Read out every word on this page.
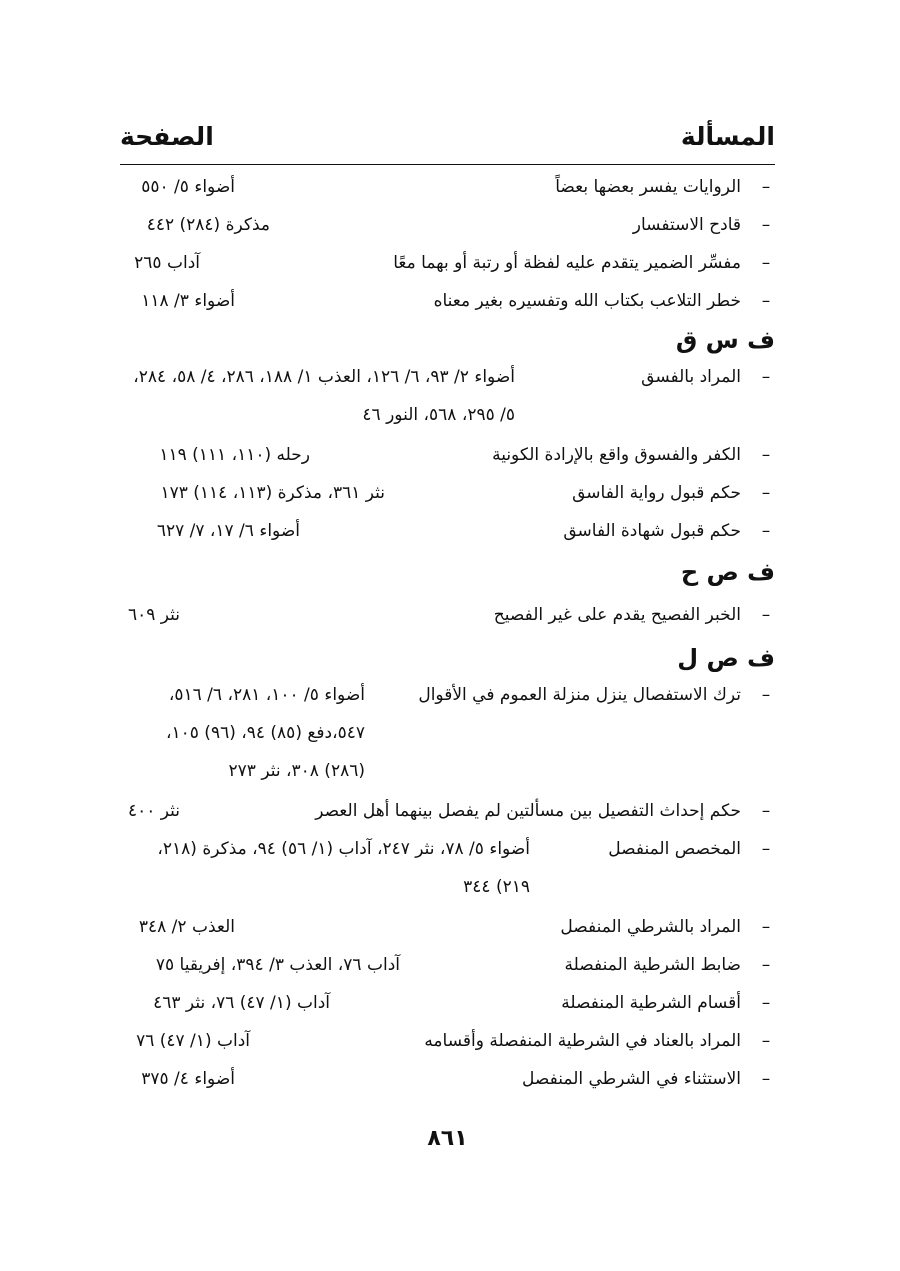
المسألة
الصفحة
–
الروايات يفسر بعضها بعضاً
أضواء ٥/ ٥٥٠
–
قادح الاستفسار
مذكرة (٢٨٤) ٤٤٢
–
مفسِّر الضمير يتقدم عليه لفظة أو رتبة أو بهما معًا
آداب ٢٦٥
–
خطر التلاعب بكتاب الله وتفسيره بغير معناه
أضواء ٣/ ١١٨
ف س ق
–
المراد بالفسق
أضواء ٢/ ٩٣، ٦/ ١٢٦، العذب ١/ ١٨٨، ٢٨٦، ٤/ ٥٨، ٢٨٤،
٥/ ٢٩٥، ٥٦٨، النور ٤٦
–
الكفر والفسوق واقع بالإرادة الكونية
رحله (١١٠، ١١١) ١١٩
–
حكم قبول رواية الفاسق
نثر ٣٦١، مذكرة (١١٣، ١١٤) ١٧٣
–
حكم قبول شهادة الفاسق
أضواء ٦/ ١٧، ٧/ ٦٢٧
ف ص ح
–
الخبر الفصيح يقدم على غير الفصيح
نثر ٦٠٩
ف ص ل
–
ترك الاستفصال ينزل منزلة العموم في الأقوال
أضواء ٥/ ١٠٠، ٢٨١، ٦/ ٥١٦،
٥٤٧،دفع (٨٥) ٩٤، (٩٦) ١٠٥،
(٢٨٦) ٣٠٨، نثر ٢٧٣
–
حكم إحداث التفصيل بين مسألتين لم يفصل بينهما أهل العصر
نثر ٤٠٠
–
المخصص المنفصل
أضواء ٥/ ٧٨، نثر ٢٤٧، آداب (١/ ٥٦) ٩٤، مذكرة (٢١٨،
٢١٩) ٣٤٤
–
المراد بالشرطي المنفصل
العذب ٢/ ٣٤٨
–
ضابط الشرطية المنفصلة
آداب ٧٦، العذب ٣/ ٣٩٤، إفريقيا ٧٥
–
أقسام الشرطية المنفصلة
آداب (١/ ٤٧) ٧٦، نثر ٤٦٣
–
المراد بالعناد في الشرطية المنفصلة وأقسامه
آداب (١/ ٤٧) ٧٦
–
الاستثناء في الشرطي المنفصل
أضواء ٤/ ٣٧٥
٨٦١
